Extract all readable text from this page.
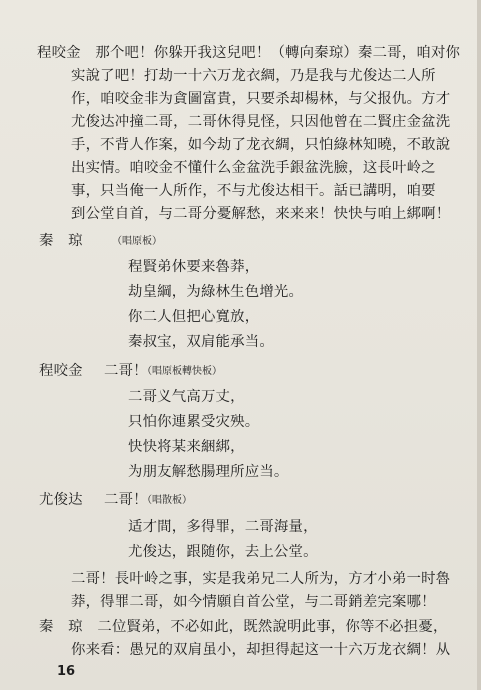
程咬金　那个吧！你躲开我这兒吧！（轉向秦琼）秦二哥，咱对你
实說了吧！打劫一十六万龙衣綢，乃是我与尤俊达二人所
作，咱咬金非为貪圖富貴，只要杀却楊林，与父报仇。方才
尤俊达冲撞二哥，二哥休得見怪，只因他曾在二賢庄金盆洗
手，不背人作案，如今劫了龙衣綢，只怕綠林知曉，不敢說
出实情。咱咬金不懂什么金盆洗手銀盆洗臉，这長叶岭之
事，只当俺一人所作，不与尤俊达相干。話已講明，咱要
到公堂自首，与二哥分憂解愁，来来来！快快与咱上綁啊！
秦　琼	（唱原板）
程賢弟休要来魯莽，
劫皇綱，为綠林生色增光。
你二人但把心寬放，
秦叔宝，双肩能承当。
程咬金 二哥！
（唱原板轉快板）
二哥义气高万丈，
只怕你連累受灾殃。
快快将某来綑綁，
为朋友解愁腸理所应当。
尤俊达 二哥！
（唱散板）
适才間，多得罪，二哥海量，
尤俊达，跟随你，去上公堂。
二哥！長叶岭之事，实是我弟兄二人所为，方才小弟一时魯
莽，得罪二哥，如今情願自首公堂，与二哥銷差完案哪！
秦　琼　二位賢弟，不必如此，既然說明此事，你等不必担憂，
你来看：愚兄的双肩虽小，却担得起这一十六万龙衣綢！从
16
